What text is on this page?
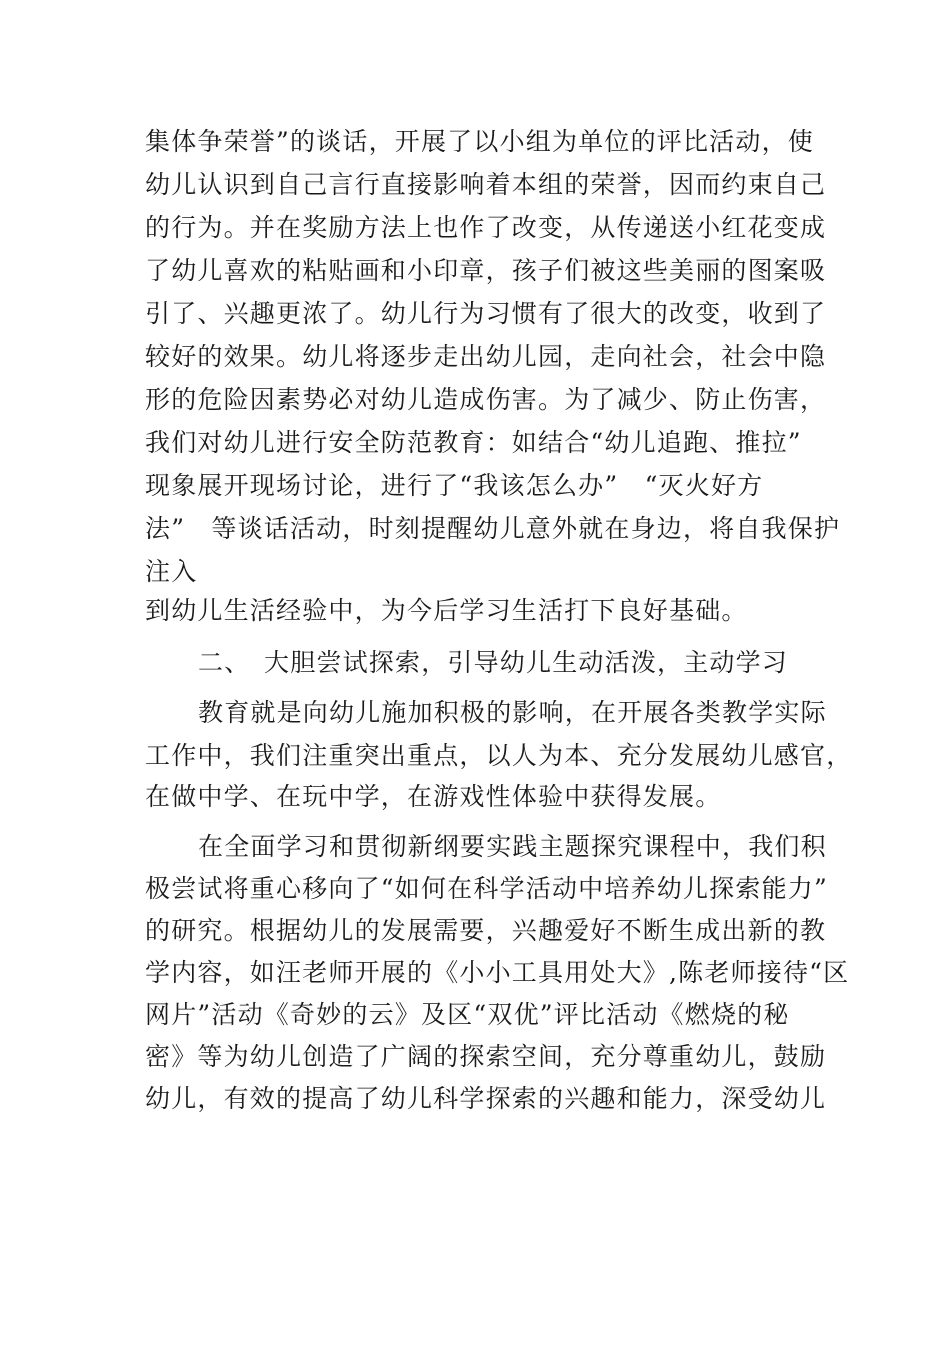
集体争荣誉”的谈话，开展了以小组为单位的评比活动，使
幼儿认识到自己言行直接影响着本组的荣誉，因而约束自己
的行为。并在奖励方法上也作了改变，从传递送小红花变成
了幼儿喜欢的粘贴画和小印章，孩子们被这些美丽的图案吸
引了、兴趣更浓了。幼儿行为习惯有了很大的改变，收到了
较好的效果。幼儿将逐步走出幼儿园，走向社会，社会中隐
形的危险因素势必对幼儿造成伤害。为了减少、防止伤害，
我们对幼儿进行安全防范教育：如结合“幼儿追跑、推拉”
现象展开现场讨论，进行了“我该怎么办”　“灭火好方
法”　等谈话活动，时刻提醒幼儿意外就在身边，将自我保护
注入
到幼儿生活经验中，为今后学习生活打下良好基础。
二、 大胆尝试探索，引导幼儿生动活泼，主动学习
教育就是向幼儿施加积极的影响，在开展各类教学实际
工作中，我们注重突出重点，以人为本、充分发展幼儿感官，
在做中学、在玩中学，在游戏性体验中获得发展。
在全面学习和贯彻新纲要实践主题探究课程中，我们积
极尝试将重心移向了“如何在科学活动中培养幼儿探索能力”
的研究。根据幼儿的发展需要，兴趣爱好不断生成出新的教
学内容，如汪老师开展的《小小工具用处大》,陈老师接待“区
网片”活动《奇妙的云》及区“双优”评比活动《燃烧的秘
密》等为幼儿创造了广阔的探索空间，充分尊重幼儿，鼓励
幼儿，有效的提高了幼儿科学探索的兴趣和能力，深受幼儿
